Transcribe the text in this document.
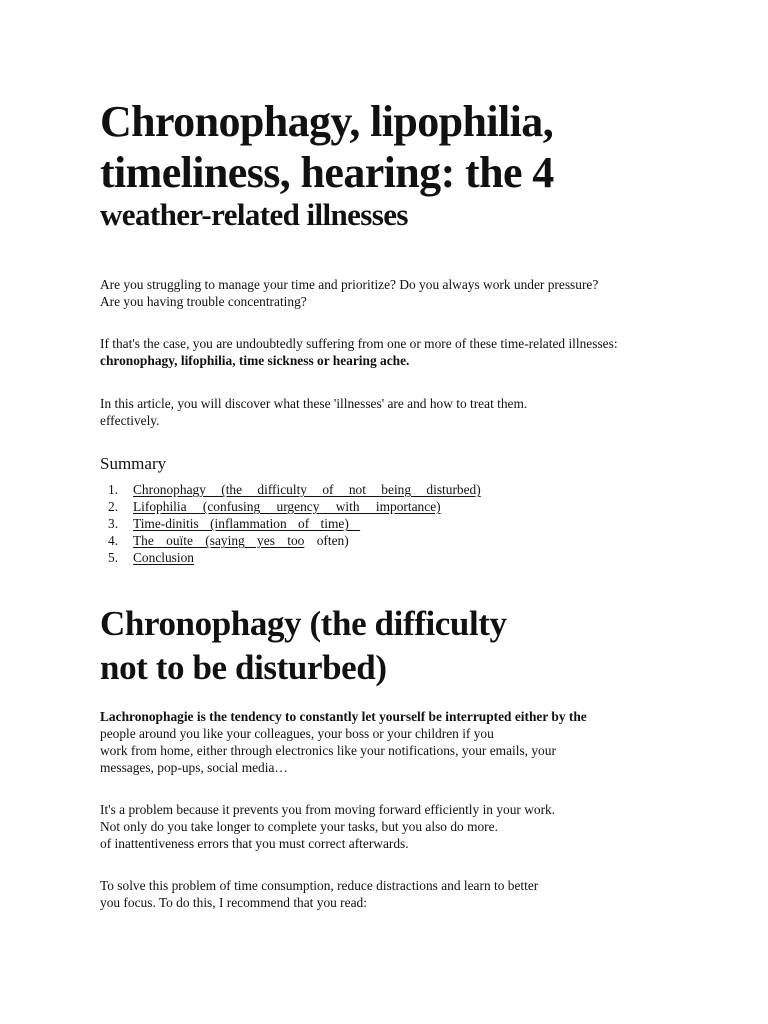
Chronophagy, lipophilia,
timeliness, hearing: the 4
weather-related illnesses

Are you struggling to manage your time and prioritize? Do you always work under pressure?
Are you having trouble concentrating?

If that's the case, you are undoubtedly suffering from one or more of these time-related illnesses:
chronophagy, lifophilia, time sickness or hearing ache.

In this article, you will discover what these 'illnesses' are and how to treat them.
effectively.

Summary
1.	Chronophagy (the difficulty of not being disturbed)
2.	Lifophilia (confusing urgency with importance)
3.	Time-dinitis (inflammation of time)
4.	The ouïte (saying yes too often)
5.	Conclusion
Chronophagy (the difficulty
not to be disturbed)

Lachronophagie is the tendency to constantly let yourself be interrupted either by the
people around you like your colleagues, your boss or your children if you
work from home, either through electronics like your notifications, your emails, your
messages, pop-ups, social media…

It's a problem because it prevents you from moving forward efficiently in your work.
Not only do you take longer to complete your tasks, but you also do more.
of inattentiveness errors that you must correct afterwards.

To solve this problem of time consumption, reduce distractions and learn to better
you focus. To do this, I recommend that you read:
